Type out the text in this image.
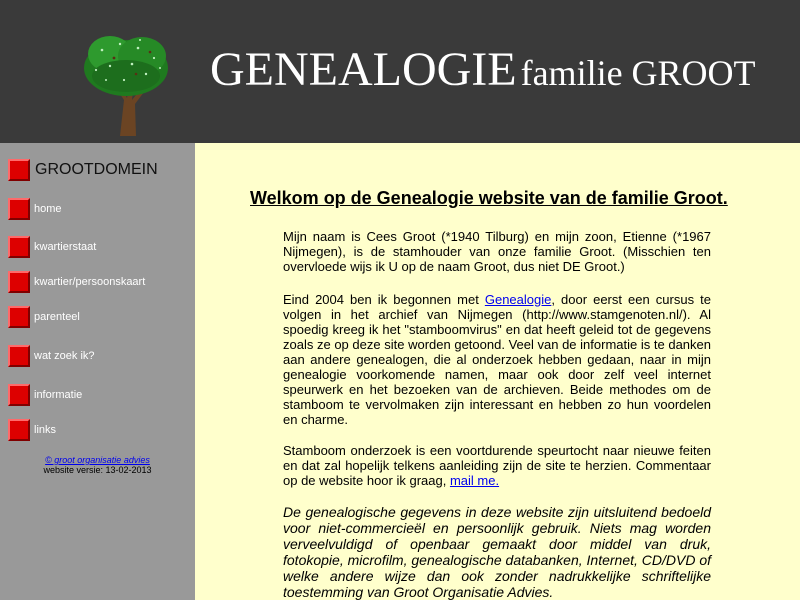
GENEALOGIE familie GROOT
GROOTDOMEIN
home
kwartierstaat
kwartier/persoonskaart
parenteel
wat zoek ik?
informatie
links
© groot organisatie advies
website versie: 13-02-2013
Welkom op de Genealogie website van de familie Groot.

Mijn naam is Cees Groot (*1940 Tilburg) en mijn zoon, Etienne (*1967 Nijmegen), is de stamhouder van onze familie Groot. (Misschien ten overvloede wijs ik U op de naam Groot, dus niet DE Groot.)

Eind 2004 ben ik begonnen met Genealogie, door eerst een cursus te volgen in het archief van Nijmegen (http://www.stamgenoten.nl/). Al spoedig kreeg ik het "stamboomvirus" en dat heeft geleid tot de gegevens zoals ze op deze site worden getoond. Veel van de informatie is te danken aan andere genealogen, die al onderzoek hebben gedaan, naar in mijn genealogie voorkomende namen, maar ook door zelf veel internet speurwerk en het bezoeken van de archieven. Beide methodes om de stamboom te vervolmaken zijn interessant en hebben zo hun voordelen en charme.

Stamboom onderzoek is een voortdurende speurtocht naar nieuwe feiten en dat zal hopelijk telkens aanleiding zijn de site te herzien. Commentaar op de website hoor ik graag, mail me.

De genealogische gegevens in deze website zijn uitsluitend bedoeld voor niet-commercieël en persoonlijk gebruik. Niets mag worden verveelvuldigd of openbaar gemaakt door middel van druk, fotokopie, microfilm, genealogische databanken, Internet, CD/DVD of welke andere wijze dan ook zonder nadrukkelijke schriftelijke toestemming van Groot Organisatie Advies.
